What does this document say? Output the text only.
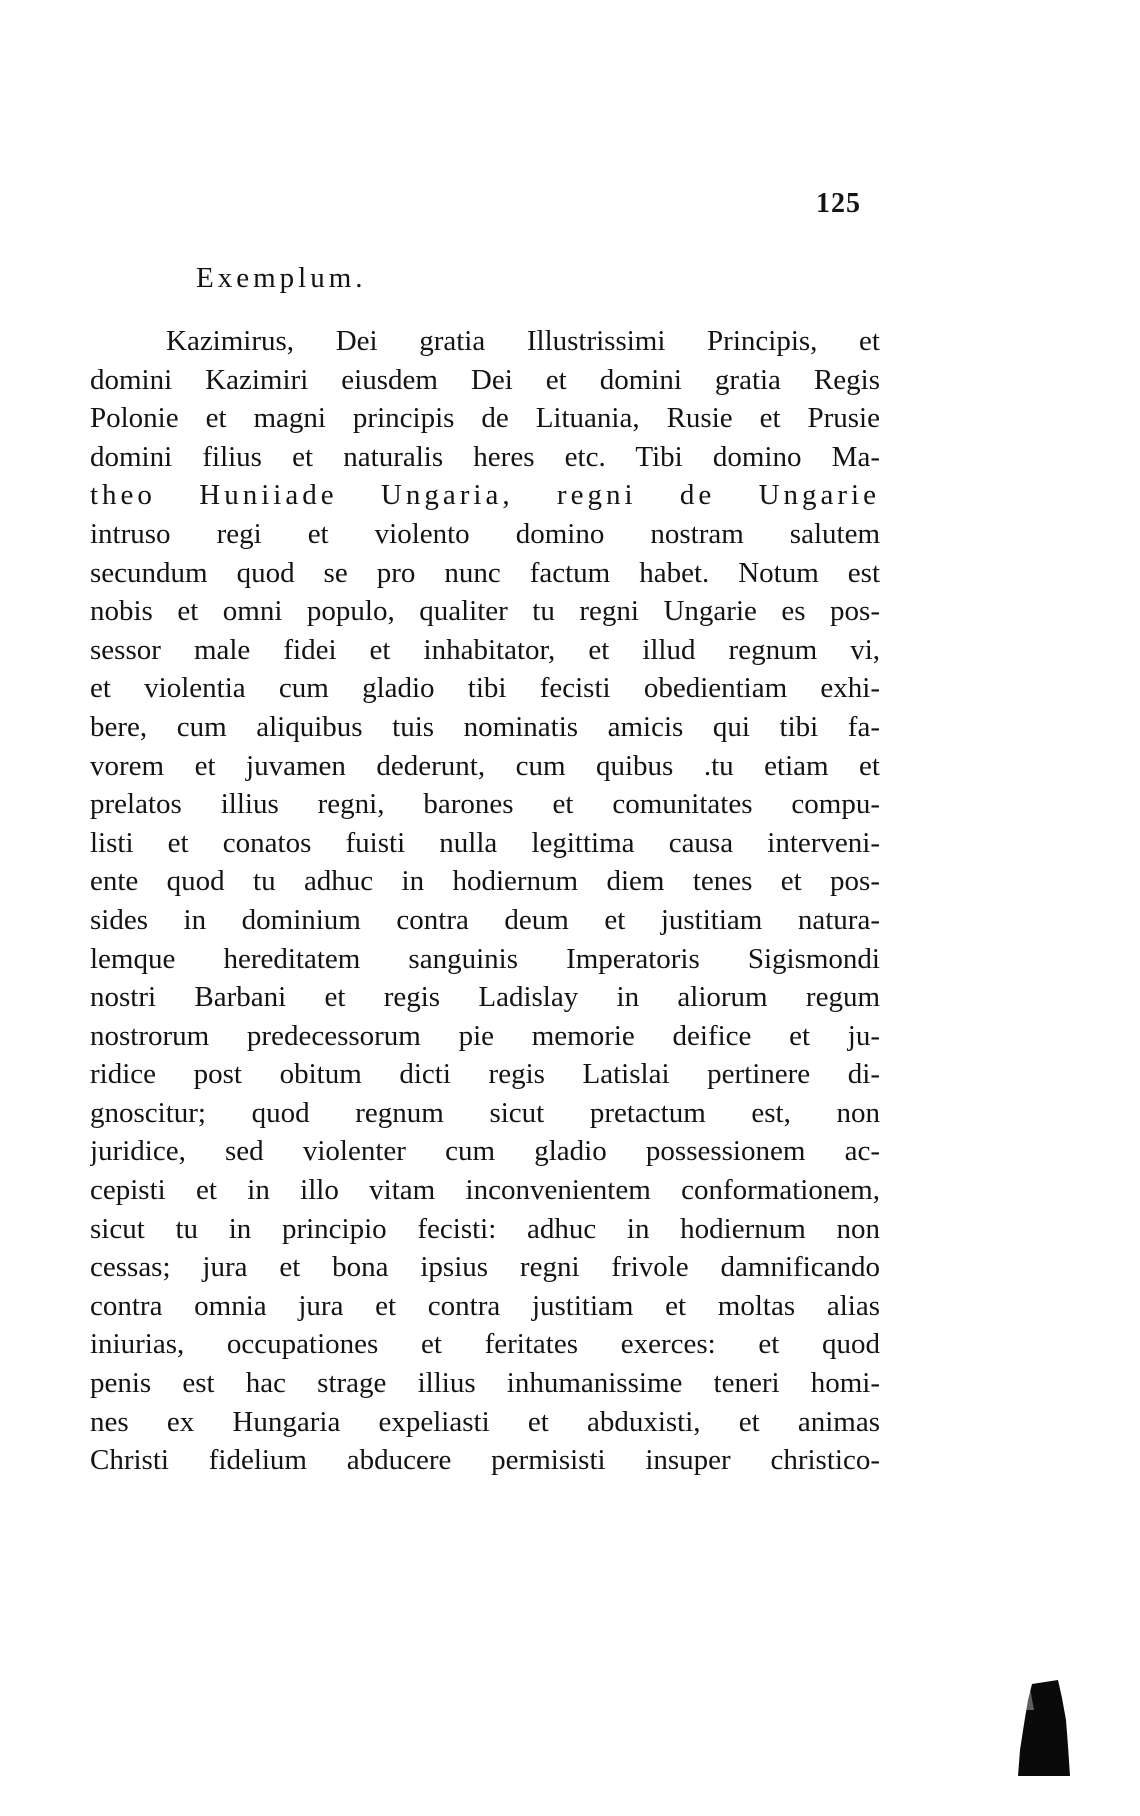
125
Exemplum.
Kazimirus, Dei gratia Illustrissimi Principis, et
domini Kazimiri eiusdem Dei et domini gratia Regis
Polonie et magni principis de Lituania, Rusie et Prusie
domini filius et naturalis heres etc. Tibi domino Ma-
theo Huniiade Ungaria, regni de Ungarie
intruso regi et violento domino nostram salutem
secundum quod se pro nunc factum habet. Notum est
nobis et omni populo, qualiter tu regni Ungarie es pos-
sessor male fidei et inhabitator, et illud regnum vi,
et violentia cum gladio tibi fecisti obedientiam exhi-
bere, cum aliquibus tuis nominatis amicis qui tibi fa-
vorem et juvamen dederunt, cum quibus .tu etiam et
prelatos illius regni, barones et comunitates compu-
listi et conatos fuisti nulla legittima causa interveni-
ente quod tu adhuc in hodiernum diem tenes et pos-
sides in dominium contra deum et justitiam natura-
lemque hereditatem sanguinis Imperatoris Sigismondi
nostri Barbani et regis Ladislay in aliorum regum
nostrorum predecessorum pie memorie deifice et ju-
ridice post obitum dicti regis Latislai pertinere di-
gnoscitur; quod regnum sicut pretactum est, non
juridice, sed violenter cum gladio possessionem ac-
cepisti et in illo vitam inconvenientem conformationem,
sicut tu in principio fecisti: adhuc in hodiernum non
cessas; jura et bona ipsius regni frivole damnificando
contra omnia jura et contra justitiam et moltas alias
iniurias, occupationes et feritates exerces: et quod
penis est hac strage illius inhumanissime teneri homi-
nes ex Hungaria expeliasti et abduxisti, et animas
Christi fidelium abducere permisisti insuper christico-
